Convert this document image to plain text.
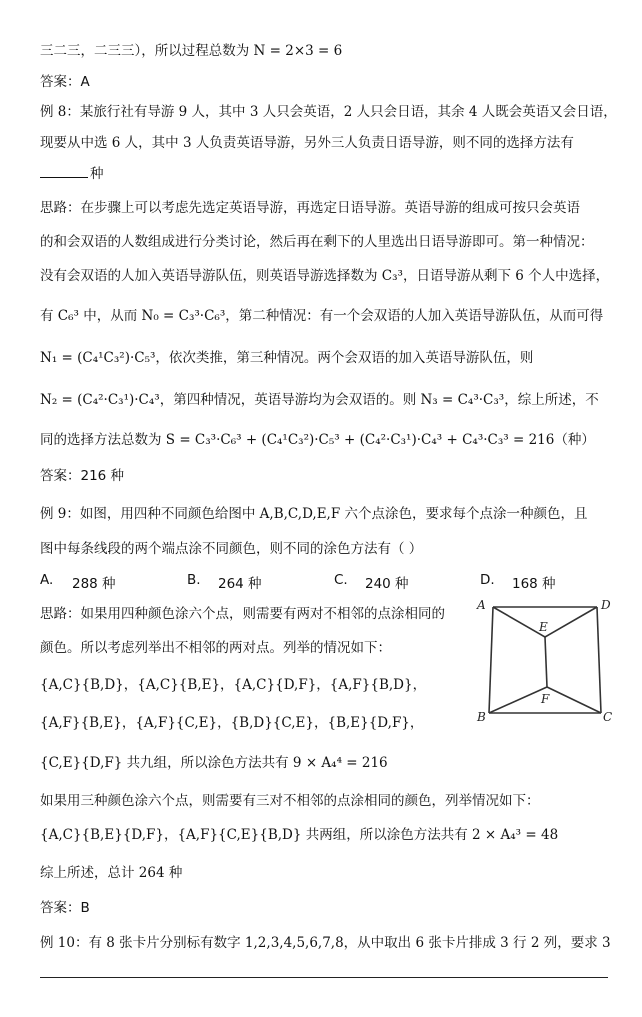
三二三，二三三），所以过程总数为 N = 2×3 = 6
答案：A
例 8：某旅行社有导游 9 人，其中 3 人只会英语，2 人只会日语，其余 4 人既会英语又会日语，
现要从中选 6 人，其中 3 人负责英语导游，另外三人负责日语导游，则不同的选择方法有
种
思路：在步骤上可以考虑先选定英语导游，再选定日语导游。英语导游的组成可按只会英语
的和会双语的人数组成进行分类讨论，然后再在剩下的人里选出日语导游即可。第一种情况：
没有会双语的人加入英语导游队伍，则英语导游选择数为 C₃³，日语导游从剩下 6 个人中选择，
有 C₆³ 中，从而 N₀ = C₃³·C₆³，第二种情况：有一个会双语的人加入英语导游队伍，从而可得
N₁ = (C₄¹C₃²)·C₅³，依次类推，第三种情况。两个会双语的加入英语导游队伍，则
N₂ = (C₄²·C₃¹)·C₄³，第四种情况，英语导游均为会双语的。则 N₃ = C₄³·C₃³，综上所述，不
同的选择方法总数为 S = C₃³·C₆³ + (C₄¹C₃²)·C₅³ + (C₄²·C₃¹)·C₄³ + C₄³·C₃³ = 216（种）
答案：216 种
例 9：如图，用四种不同颜色给图中 A,B,C,D,E,F 六个点涂色，要求每个点涂一种颜色，且
图中每条线段的两个端点涂不同颜色，则不同的涂色方法有（ ）
A. 288 种	B. 264 种	C. 240 种	D. 168 种
思路：如果用四种颜色涂六个点，则需要有两对不相邻的点涂相同的
颜色。所以考虑列举出不相邻的两对点。列举的情况如下：
{A,C}{B,D}，{A,C}{B,E}，{A,C}{D,F}，{A,F}{B,D}，
{A,F}{B,E}，{A,F}{C,E}，{B,D}{C,E}，{B,E}{D,F}，
{C,E}{D,F} 共九组，所以涂色方法共有 9 × A₄⁴ = 216
如果用三种颜色涂六个点，则需要有三对不相邻的点涂相同的颜色，列举情况如下：
{A,C}{B,E}{D,F}，{A,F}{C,E}{B,D} 共两组，所以涂色方法共有 2 × A₄³ = 48
综上所述，总计 264 种
答案：B
例 10：有 8 张卡片分别标有数字 1,2,3,4,5,6,7,8，从中取出 6 张卡片排成 3 行 2 列，要求 3
A	D
E
F
B	C
